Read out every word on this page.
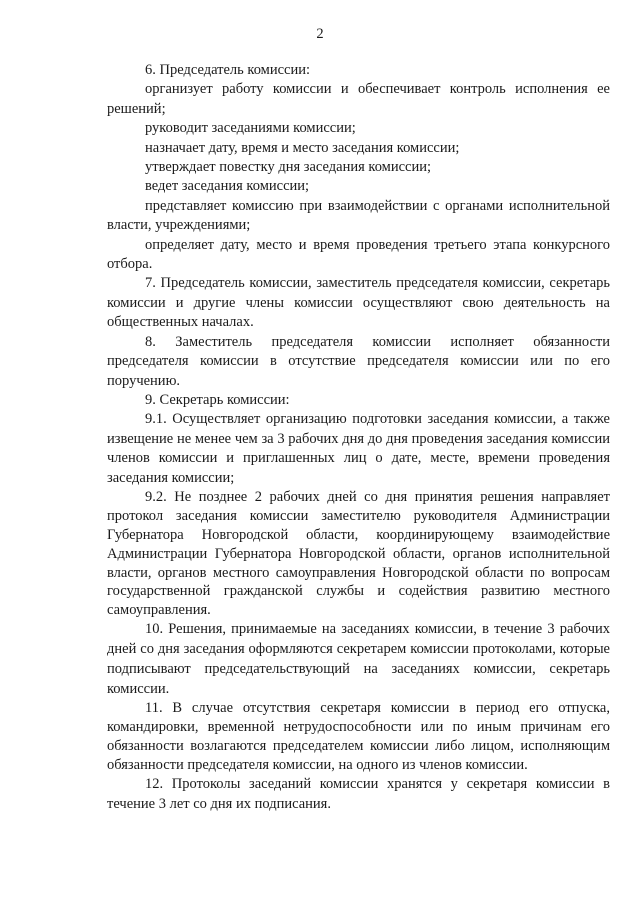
2

6. Председатель комиссии:

организует работу комиссии и обеспечивает контроль исполнения ее решений;

руководит заседаниями комиссии;

назначает дату, время и место заседания комиссии;

утверждает повестку дня заседания комиссии;

ведет заседания комиссии;

представляет комиссию при взаимодействии с органами исполнительной власти, учреждениями;

определяет дату, место и время проведения третьего этапа конкурсного отбора.

7. Председатель комиссии, заместитель председателя комиссии, секретарь комиссии и другие члены комиссии осуществляют свою деятельность на общественных началах.

8. Заместитель председателя комиссии исполняет обязанности председателя комиссии в отсутствие председателя комиссии или по его поручению.

9. Секретарь комиссии:

9.1. Осуществляет организацию подготовки заседания комиссии, а также извещение не менее чем за 3 рабочих дня до дня проведения заседания комиссии членов комиссии и приглашенных лиц о дате, месте, времени проведения заседания комиссии;

9.2. Не позднее 2 рабочих дней со дня принятия решения направляет протокол заседания комиссии заместителю руководителя Администрации Губернатора Новгородской области, координирующему взаимодействие Администрации Губернатора Новгородской области, органов исполнительной власти, органов местного самоуправления Новгородской области по вопросам государственной гражданской службы и содействия развитию местного самоуправления.

10. Решения, принимаемые на заседаниях комиссии, в течение 3 рабочих дней со дня заседания оформляются секретарем комиссии протоколами, которые подписывают председательствующий на заседаниях комиссии, секретарь комиссии.

11. В случае отсутствия секретаря комиссии в период его отпуска, командировки, временной нетрудоспособности или по иным причинам его обязанности возлагаются председателем комиссии либо лицом, исполняющим обязанности председателя комиссии, на одного из членов комиссии.

12. Протоколы заседаний комиссии хранятся у секретаря комиссии в течение 3 лет со дня их подписания.
